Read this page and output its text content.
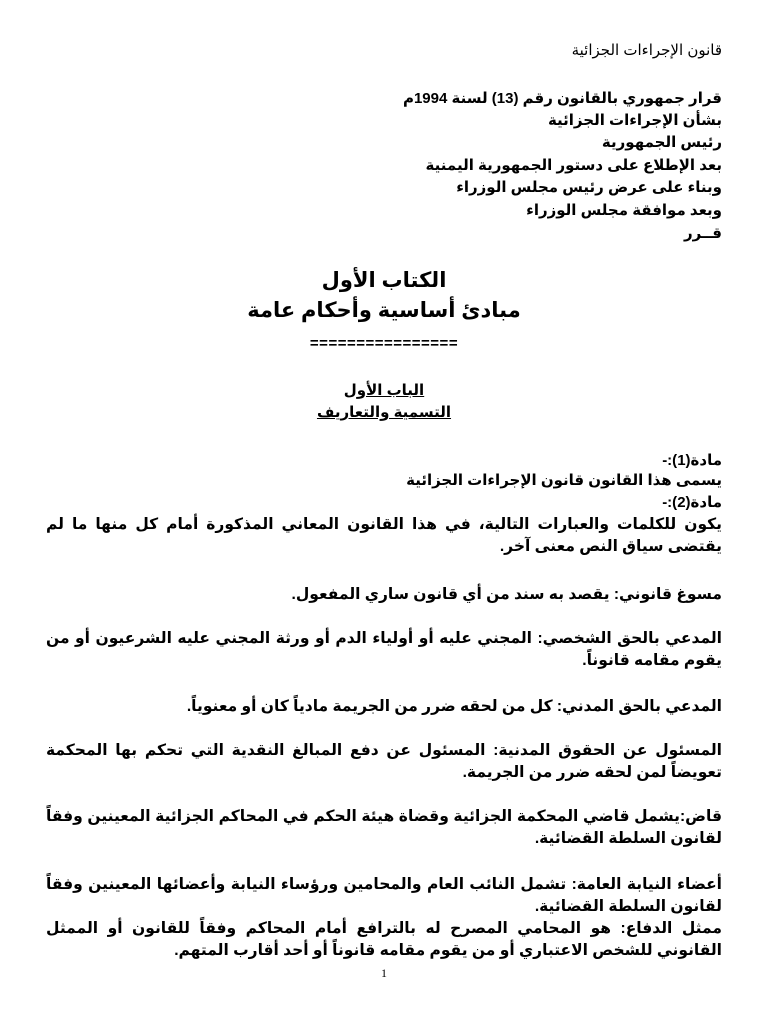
قانون الإجراءات الجزائية
قرار جمهوري بالقانون رقم (13) لسنة 1994م
بشأن الإجراءات الجزائية
رئيس الجمهورية
بعد الإطلاع على دستور الجمهورية اليمنية
وبناء على عرض رئيس مجلس الوزراء
وبعد موافقة مجلس الوزراء
قــرر
الكتاب الأول
مبادئ أساسية وأحكام عامة
================
الباب الأول
التسمية والتعاريف
مادة(1):-
يسمى هذا القانون قانون الإجراءات الجزائية
مادة(2):-
يكون للكلمات والعبارات التالية، في هذا القانون المعاني المذكورة أمام كل منها ما لم يقتضى سياق النص معنى آخر.
مسوغ قانوني: يقصد به سند من أي قانون ساري المفعول.
المدعي بالحق الشخصي: المجني عليه أو أولياء الدم أو ورثة المجني عليه الشرعيون أو من يقوم مقامه قانوناً.
المدعي بالحق المدني: كل من لحقه ضرر من الجريمة مادياً كان أو معنوياً.
المسئول عن الحقوق المدنية: المسئول عن دفع المبالغ النقدية التي تحكم بها المحكمة تعويضاً لمن لحقه ضرر من الجريمة.
قاض:يشمل قاضي المحكمة الجزائية وقضاة هيئة الحكم في المحاكم الجزائية المعينين وفقاً لقانون السلطة القضائية.
أعضاء النيابة العامة: تشمل النائب العام والمحامين ورؤساء النيابة وأعضائها المعينين وفقاً لقانون السلطة القضائية.
ممثل الدفاع: هو المحامي المصرح له بالترافع أمام المحاكم وفقاً للقانون أو الممثل القانوني للشخص الاعتباري أو من يقوم مقامه قانوناً أو أحد أقارب المتهم.
1
